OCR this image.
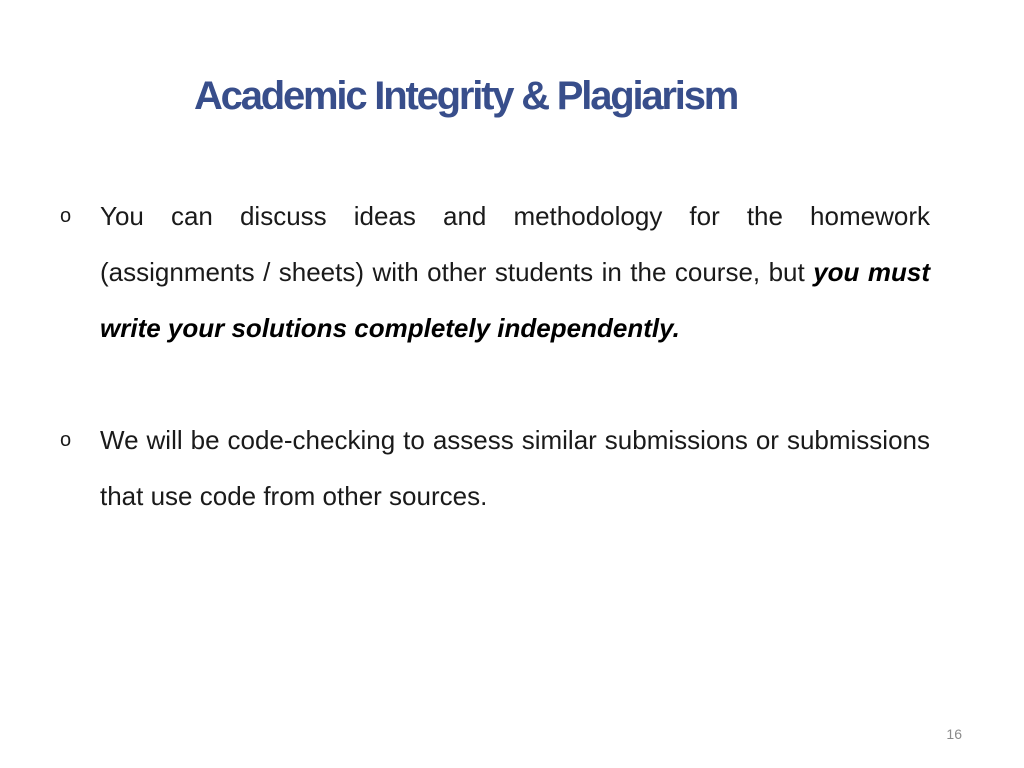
Academic Integrity & Plagiarism
o You can discuss ideas and methodology for the homework (assignments / sheets) with other students in the course, but you must write your solutions completely independently.

o We will be code-checking to assess similar submissions or submissions that use code from other sources.

16
